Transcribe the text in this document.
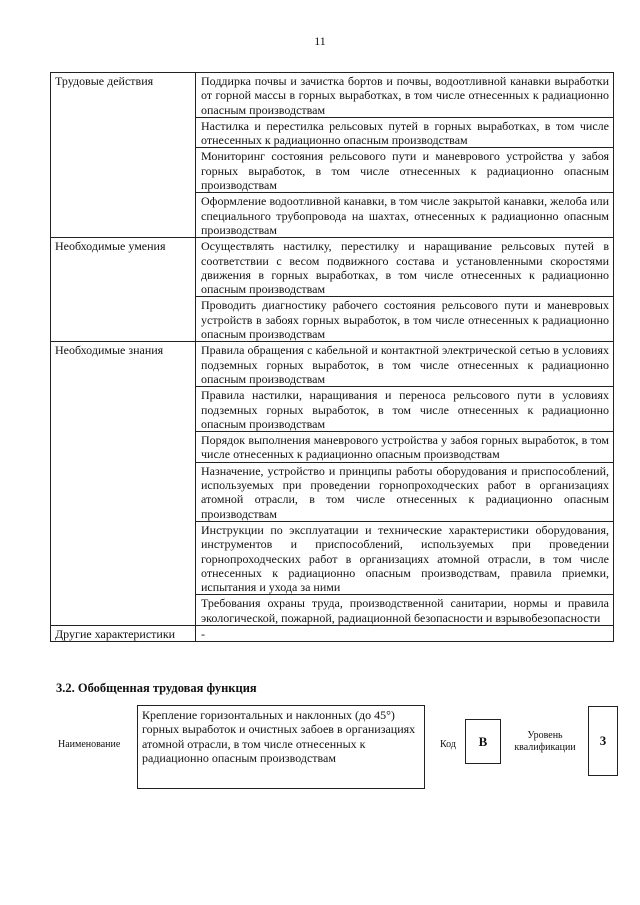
11
Трудовые действия	Поддирка почвы и зачистка бортов и почвы, водоотливной канавки выработки от горной массы в горных выработках, в том числе отнесенных к радиационно опасным производствам
	Настилка и перестилка рельсовых путей в горных выработках, в том числе отнесенных к радиационно опасным производствам
	Мониторинг состояния рельсового пути и маневрового устройства у забоя горных выработок, в том числе отнесенных к радиационно опасным производствам
	Оформление водоотливной канавки, в том числе закрытой канавки, желоба или специального трубопровода на шахтах, отнесенных к радиационно опасным производствам
Необходимые умения	Осуществлять настилку, перестилку и наращивание рельсовых путей в соответствии с весом подвижного состава и установленными скоростями движения в горных выработках, в том числе отнесенных к радиационно опасным производствам
	Проводить диагностику рабочего состояния рельсового пути и маневровых устройств в забоях горных выработок, в том числе отнесенных к радиационно опасным производствам
Необходимые знания	Правила обращения с кабельной и контактной электрической сетью в условиях подземных горных выработок, в том числе отнесенных к радиационно опасным производствам
	Правила настилки, наращивания и переноса рельсового пути в условиях подземных горных выработок, в том числе отнесенных к радиационно опасным производствам
	Порядок выполнения маневрового устройства у забоя горных выработок, в том числе отнесенных к радиационно опасным производствам
	Назначение, устройство и принципы работы оборудования и приспособлений, используемых при проведении горнопроходческих работ в организациях атомной отрасли, в том числе отнесенных к радиационно опасным производствам
	Инструкции по эксплуатации и технические характеристики оборудования, инструментов и приспособлений, используемых при проведении горнопроходческих работ в организациях атомной отрасли, в том числе отнесенных к радиационно опасным производствам, правила приемки, испытания и ухода за ними
	Требования охраны труда, производственной санитарии, нормы и правила экологической, пожарной, радиационной безопасности и взрывобезопасности
Другие характеристики	-
3.2. Обобщенная трудовая функция
Наименование
Крепление горизонтальных и наклонных (до 45°) горных выработок и очистных забоев в организациях атомной отрасли, в том числе отнесенных к радиационно опасным производствам
Код	В	Уровень квалификации	3
